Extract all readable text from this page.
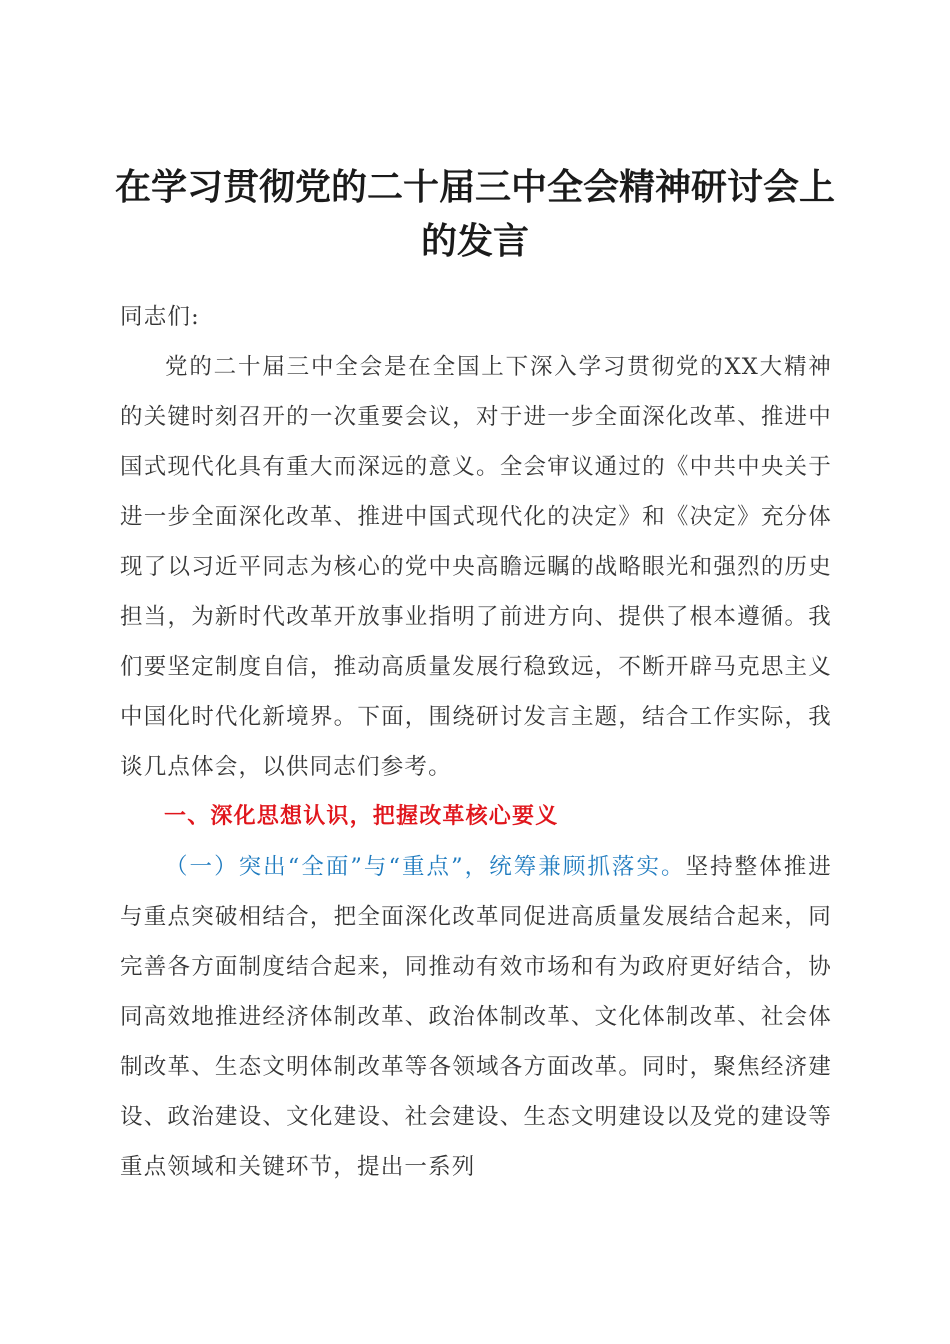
在学习贯彻党的二十届三中全会精神研讨会上
的发言

同志们:

党的二十届三中全会是在全国上下深入学习贯彻党的XX大精神的关键时刻召开的一次重要会议，对于进一步全面深化改革、推进中国式现代化具有重大而深远的意义。全会审议通过的《中共中央关于进一步全面深化改革、推进中国式现代化的决定》和《决定》充分体现了以习近平同志为核心的党中央高瞻远瞩的战略眼光和强烈的历史担当，为新时代改革开放事业指明了前进方向、提供了根本遵循。我们要坚定制度自信，推动高质量发展行稳致远，不断开辟马克思主义中国化时代化新境界。下面，围绕研讨发言主题，结合工作实际，我谈几点体会，以供同志们参考。

一、深化思想认识，把握改革核心要义

（一）突出“全面”与“重点”，统筹兼顾抓落实。坚持整体推进与重点突破相结合，把全面深化改革同促进高质量发展结合起来，同完善各方面制度结合起来，同推动有效市场和有为政府更好结合，协同高效地推进经济体制改革、政治体制改革、文化体制改革、社会体制改革、生态文明体制改革等各领域各方面改革。同时，聚焦经济建设、政治建设、文化建设、社会建设、生态文明建设以及党的建设等重点领域和关键环节，提出一系列
